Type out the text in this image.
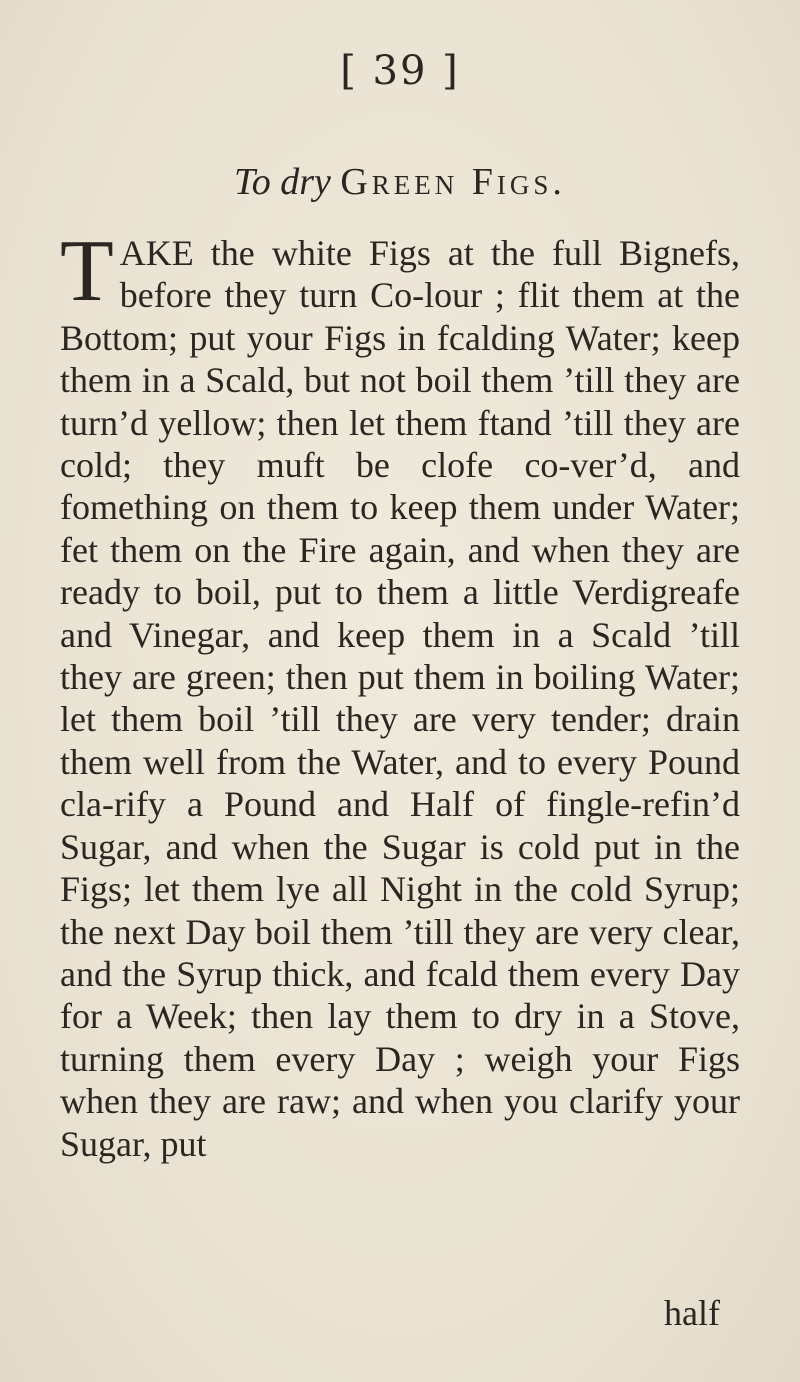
[ 39 ]
To dry Green Figs.
T AKE the white Figs at the full Bignefs, before they turn Co-lour ; flit them at the Bottom; put your Figs in fcalding Water; keep them in a Scald, but not boil them ’till they are turn’d yellow; then let them ftand ’till they are cold; they muft be clofe co-ver’d, and fomething on them to keep them under Water; fet them on the Fire again, and when they are ready to boil, put to them a little Verdigreafe and Vinegar, and keep them in a Scald ’till they are green; then put them in boiling Water; let them boil ’till they are very tender; drain them well from the Water, and to every Pound cla-rify a Pound and Half of fingle-refin’d Sugar, and when the Sugar is cold put in the Figs; let them lye all Night in the cold Syrup; the next Day boil them ’till they are very clear, and the Syrup thick, and fcald them every Day for a Week; then lay them to dry in a Stove, turning them every Day ; weigh your Figs when they are raw; and when you clarify your Sugar, put
half
